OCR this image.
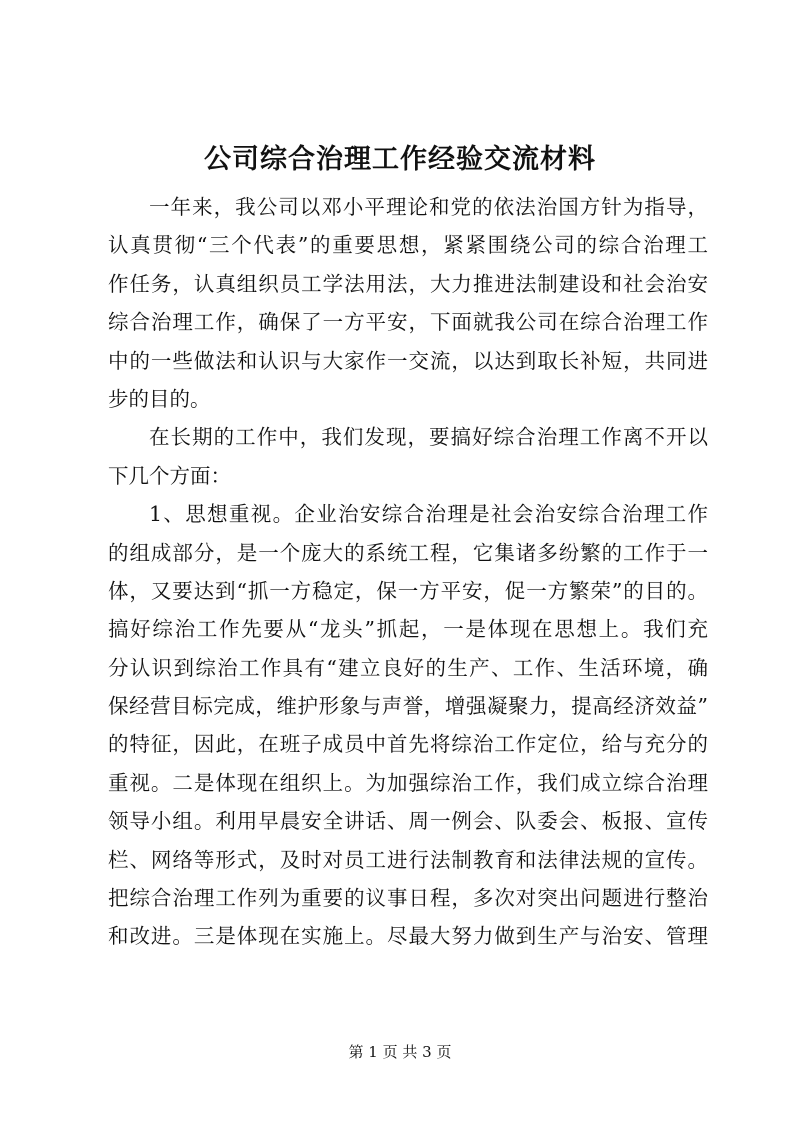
公司综合治理工作经验交流材料
一年来，我公司以邓小平理论和党的依法治国方针为指导，
认真贯彻“三个代表”的重要思想，紧紧围绕公司的综合治理工
作任务，认真组织员工学法用法，大力推进法制建设和社会治安
综合治理工作，确保了一方平安，下面就我公司在综合治理工作
中的一些做法和认识与大家作一交流，以达到取长补短，共同进
步的目的。
在长期的工作中，我们发现，要搞好综合治理工作离不开以
下几个方面：
1、思想重视。企业治安综合治理是社会治安综合治理工作
的组成部分，是一个庞大的系统工程，它集诸多纷繁的工作于一
体，又要达到“抓一方稳定，保一方平安，促一方繁荣”的目的。
搞好综治工作先要从“龙头”抓起，一是体现在思想上。我们充
分认识到综治工作具有“建立良好的生产、工作、生活环境，确
保经营目标完成，维护形象与声誉，增强凝聚力，提高经济效益”
的特征，因此，在班子成员中首先将综治工作定位，给与充分的
重视。二是体现在组织上。为加强综治工作，我们成立综合治理
领导小组。利用早晨安全讲话、周一例会、队委会、板报、宣传
栏、网络等形式，及时对员工进行法制教育和法律法规的宣传。
把综合治理工作列为重要的议事日程，多次对突出问题进行整治
和改进。三是体现在实施上。尽最大努力做到生产与治安、管理
第 1 页 共 3 页
